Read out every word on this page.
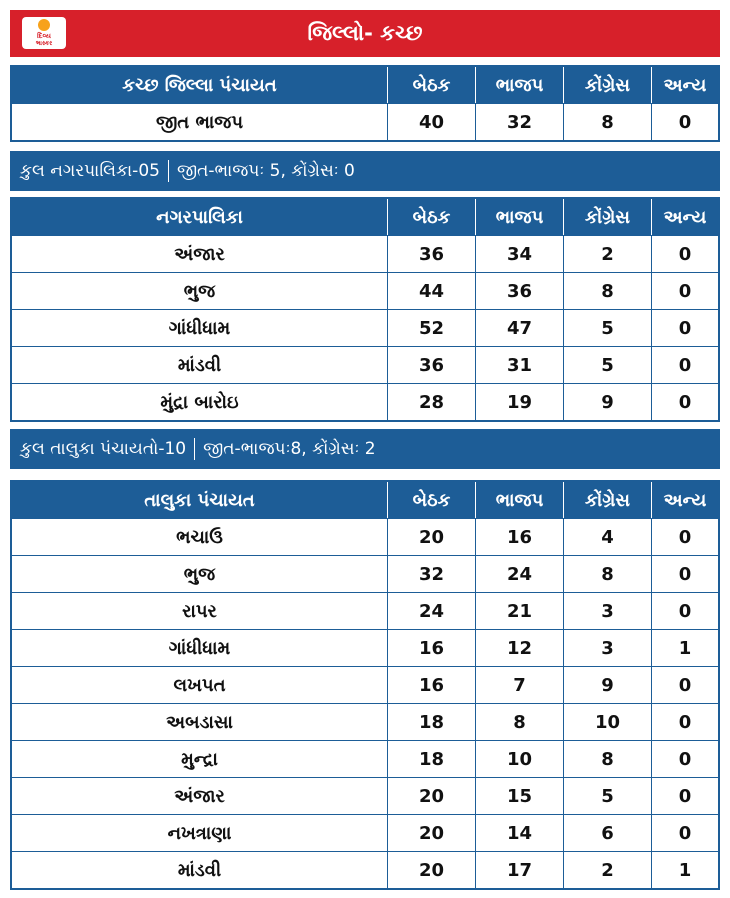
દિવ્ય
ભાસ્કર	જિલ્લો- કચ્છ
કચ્છ જિલ્લા પંચાયત	બેઠક	ભાજપ	કોંગ્રેસ	અન્ય
જીત ભાજપ	40	32	8	0
કુલ નગરપાલિકા-05 જીત-ભાજપઃ 5, કોંગ્રેસઃ 0
નગરપાલિકા	બેઠક	ભાજપ	કોંગ્રેસ	અન્ય
અંજાર	36	34	2	0
ભુજ	44	36	8	0
ગાંધીધામ	52	47	5	0
માંડવી	36	31	5	0
મુંદ્રા બારોઇ	28	19	9	0
કુલ તાલુકા પંચાયતો-10 જીત-ભાજપઃ8, કોંગ્રેસઃ 2
તાલુકા પંચાયત	બેઠક	ભાજપ	કોંગ્રેસ	અન્ય
ભચાઉ	20	16	4	0
ભુજ	32	24	8	0
રાપર	24	21	3	0
ગાંધીધામ	16	12	3	1
લખપત	16	7	9	0
અબડાસા	18	8	10	0
મુન્દ્રા	18	10	8	0
અંજાર	20	15	5	0
નખત્રાણા	20	14	6	0
માંડવી	20	17	2	1
